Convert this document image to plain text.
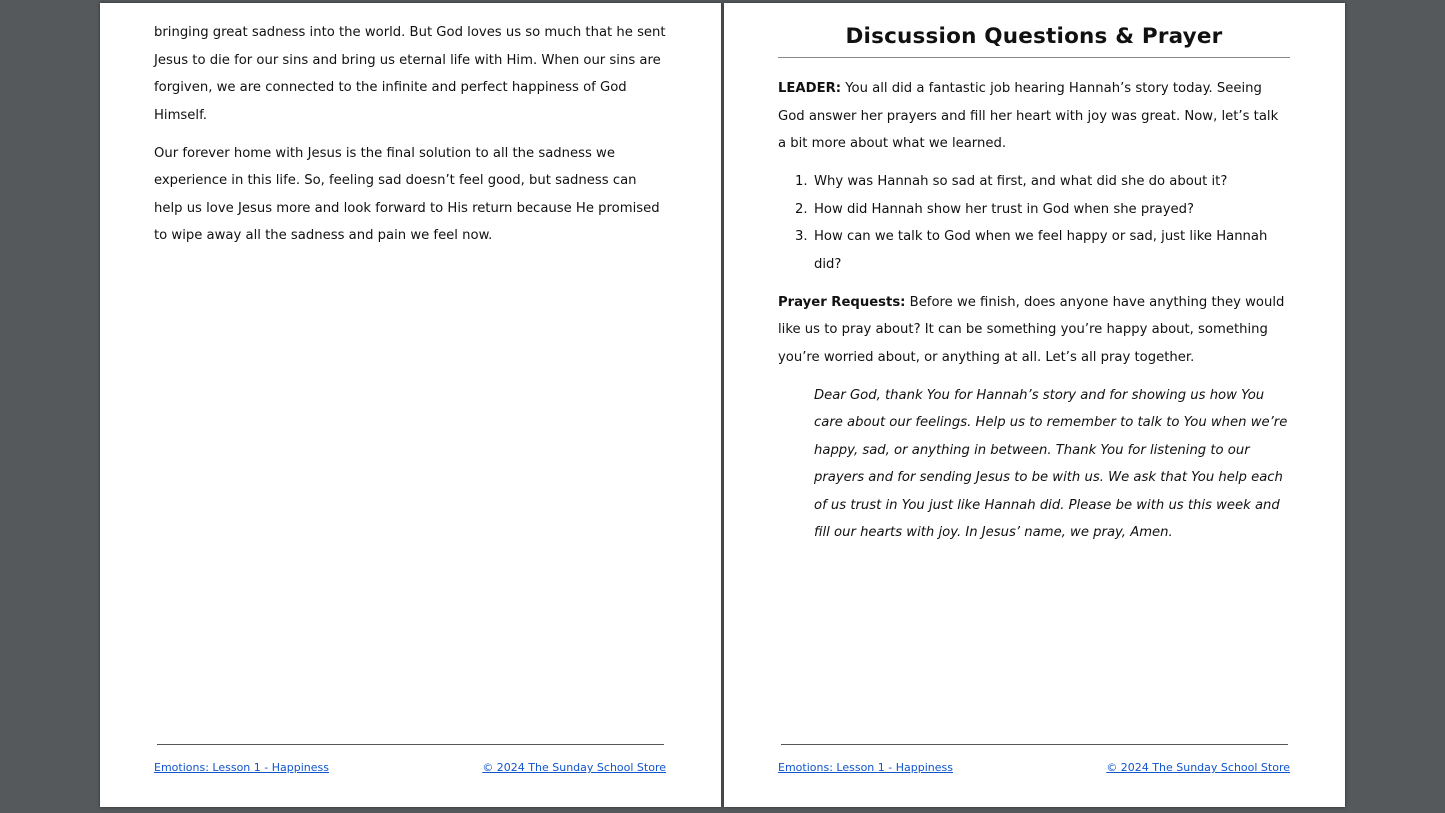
bringing great sadness into the world. But God loves us so much that he sent Jesus to die for our sins and bring us eternal life with Him. When our sins are forgiven, we are connected to the infinite and perfect happiness of God Himself.

Our forever home with Jesus is the final solution to all the sadness we experience in this life. So, feeling sad doesn’t feel good, but sadness can help us love Jesus more and look forward to His return because He promised to wipe away all the sadness and pain we feel now.

Emotions: Lesson 1 - Happiness	© 2024 The Sunday School Store
Discussion Questions & Prayer

LEADER: You all did a fantastic job hearing Hannah’s story today. Seeing God answer her prayers and fill her heart with joy was great. Now, let’s talk a bit more about what we learned.

1. Why was Hannah so sad at first, and what did she do about it?
2. How did Hannah show her trust in God when she prayed?
3. How can we talk to God when we feel happy or sad, just like Hannah did?

Prayer Requests: Before we finish, does anyone have anything they would like us to pray about? It can be something you’re happy about, something you’re worried about, or anything at all. Let’s all pray together.

Dear God, thank You for Hannah’s story and for showing us how You care about our feelings. Help us to remember to talk to You when we’re happy, sad, or anything in between. Thank You for listening to our prayers and for sending Jesus to be with us. We ask that You help each of us trust in You just like Hannah did. Please be with us this week and fill our hearts with joy. In Jesus’ name, we pray, Amen.

Emotions: Lesson 1 - Happiness	© 2024 The Sunday School Store
